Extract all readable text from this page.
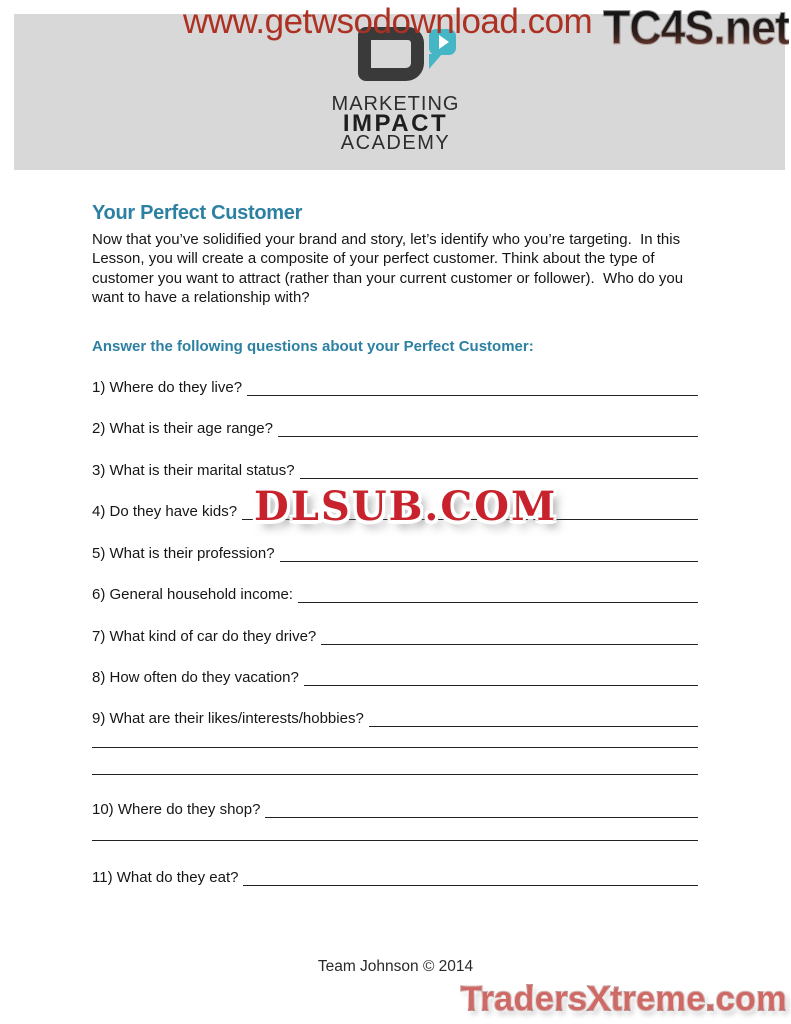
MARKETING
IMPACT
ACADEMY
www.getwsodownload.com TC4S.net
DLSUB.COM
TradersXtreme.com
Your Perfect Customer
Now that you’ve solidified your brand and story, let’s identify who you’re targeting.  In this Lesson, you will create a composite of your perfect customer. Think about the type of customer you want to attract (rather than your current customer or follower).  Who do you want to have a relationship with?
Answer the following questions about your Perfect Customer:
1) Where do they live?
2) What is their age range?
3) What is their marital status?
4) Do they have kids?
5) What is their profession?
6) General household income:
7) What kind of car do they drive?
8) How often do they vacation?
9) What are their likes/interests/hobbies?
10) Where do they shop?
11) What do they eat?
Team Johnson © 2014
